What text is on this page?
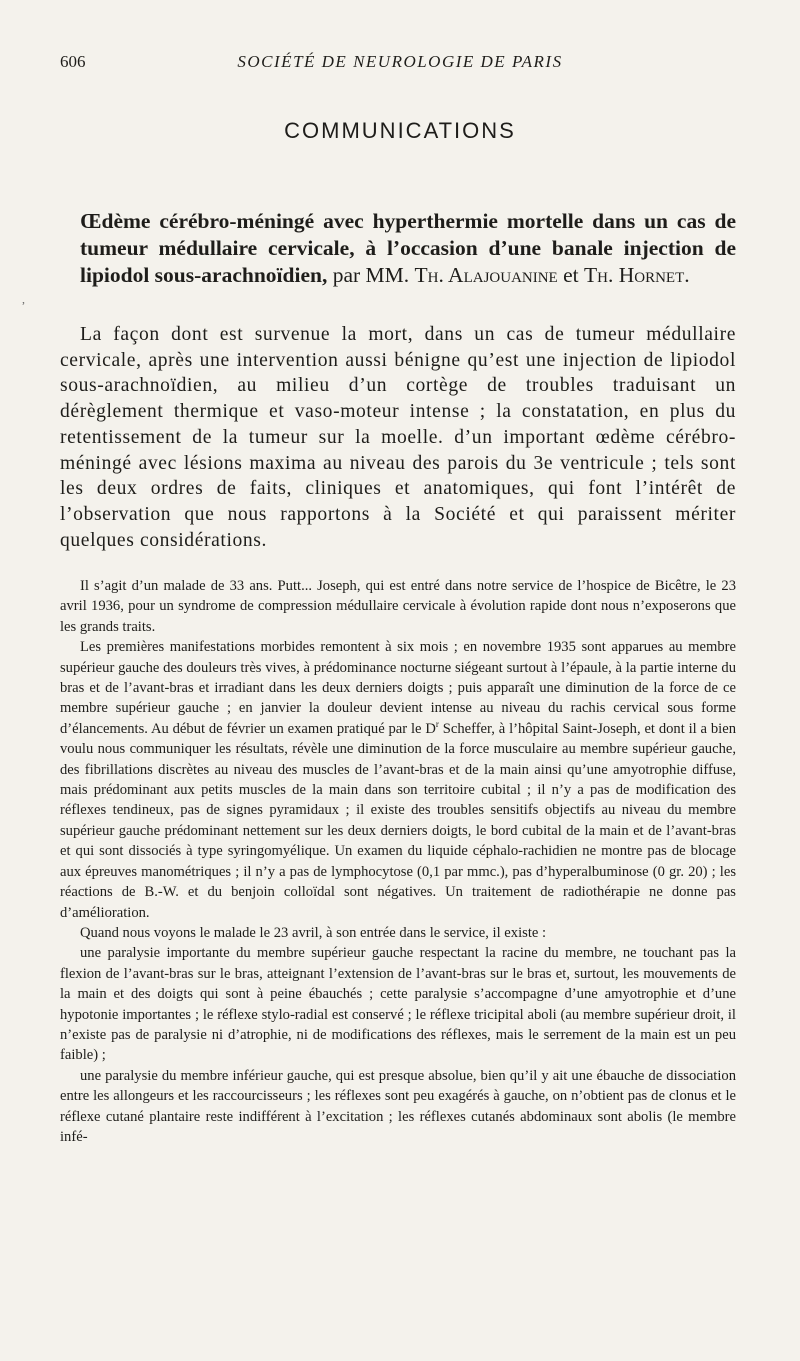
606	SOCIÉTÉ DE NEUROLOGIE DE PARIS
COMMUNICATIONS
,
Œdème cérébro-méningé avec hyperthermie mortelle dans un cas de tumeur médullaire cervicale, à l’occasion d’une banale injection de lipiodol sous-arachnoïdien, par MM. Th. Alajouanine et Th. Hornet.
La façon dont est survenue la mort, dans un cas de tumeur médullaire cervicale, après une intervention aussi bénigne qu’est une injection de lipiodol sous-arachnoïdien, au milieu d’un cortège de troubles traduisant un dérèglement thermique et vaso-moteur intense ; la constatation, en plus du retentissement de la tumeur sur la moelle. d’un important œdème cérébro-méningé avec lésions maxima au niveau des parois du 3e ventricule ; tels sont les deux ordres de faits, cliniques et anatomiques, qui font l’intérêt de l’observation que nous rapportons à la Société et qui paraissent mériter quelques considérations.

Il s’agit d’un malade de 33 ans. Putt... Joseph, qui est entré dans notre service de l’hospice de Bicêtre, le 23 avril 1936, pour un syndrome de compression médullaire cervicale à évolution rapide dont nous n’exposerons que les grands traits.

Les premières manifestations morbides remontent à six mois ; en novembre 1935 sont apparues au membre supérieur gauche des douleurs très vives, à prédominance nocturne siégeant surtout à l’épaule, à la partie interne du bras et de l’avant-bras et irradiant dans les deux derniers doigts ; puis apparaît une diminution de la force de ce membre supérieur gauche ; en janvier la douleur devient intense au niveau du rachis cervical sous forme d’élancements. Au début de février un examen pratiqué par le $D^r$ Scheffer, à l’hôpital Saint-Joseph, et dont il a bien voulu nous communiquer les résultats, révèle une diminution de la force musculaire au membre supérieur gauche, des fibrillations discrètes au niveau des muscles de l’avant-bras et de la main ainsi qu’une amyotrophie diffuse, mais prédominant aux petits muscles de la main dans son territoire cubital ; il n’y a pas de modification des réflexes tendineux, pas de signes pyramidaux ; il existe des troubles sensitifs objectifs au niveau du membre supérieur gauche prédominant nettement sur les deux derniers doigts, le bord cubital de la main et de l’avant-bras et qui sont dissociés à type syringomyélique. Un examen du liquide céphalo-rachidien ne montre pas de blocage aux épreuves manométriques ; il n’y a pas de lymphocytose (0,1 par mmc.), pas d’hyperalbuminose (0 gr. 20) ; les réactions de B.-W. et du benjoin colloïdal sont négatives. Un traitement de radiothérapie ne donne pas d’amélioration.

Quand nous voyons le malade le 23 avril, à son entrée dans le service, il existe :

une paralysie importante du membre supérieur gauche respectant la racine du membre, ne touchant pas la flexion de l’avant-bras sur le bras, atteignant l’extension de l’avant-bras sur le bras et, surtout, les mouvements de la main et des doigts qui sont à peine ébauchés ; cette paralysie s’accompagne d’une amyotrophie et d’une hypotonie importantes ; le réflexe stylo-radial est conservé ; le réflexe tricipital aboli (au membre supérieur droit, il n’existe pas de paralysie ni d’atrophie, ni de modifications des réflexes, mais le serrement de la main est un peu faible) ;

une paralysie du membre inférieur gauche, qui est presque absolue, bien qu’il y ait une ébauche de dissociation entre les allongeurs et les raccourcisseurs ; les réflexes sont peu exagérés à gauche, on n’obtient pas de clonus et le réflexe cutané plantaire reste indifférent à l’excitation ; les réflexes cutanés abdominaux sont abolis (le membre infé-
